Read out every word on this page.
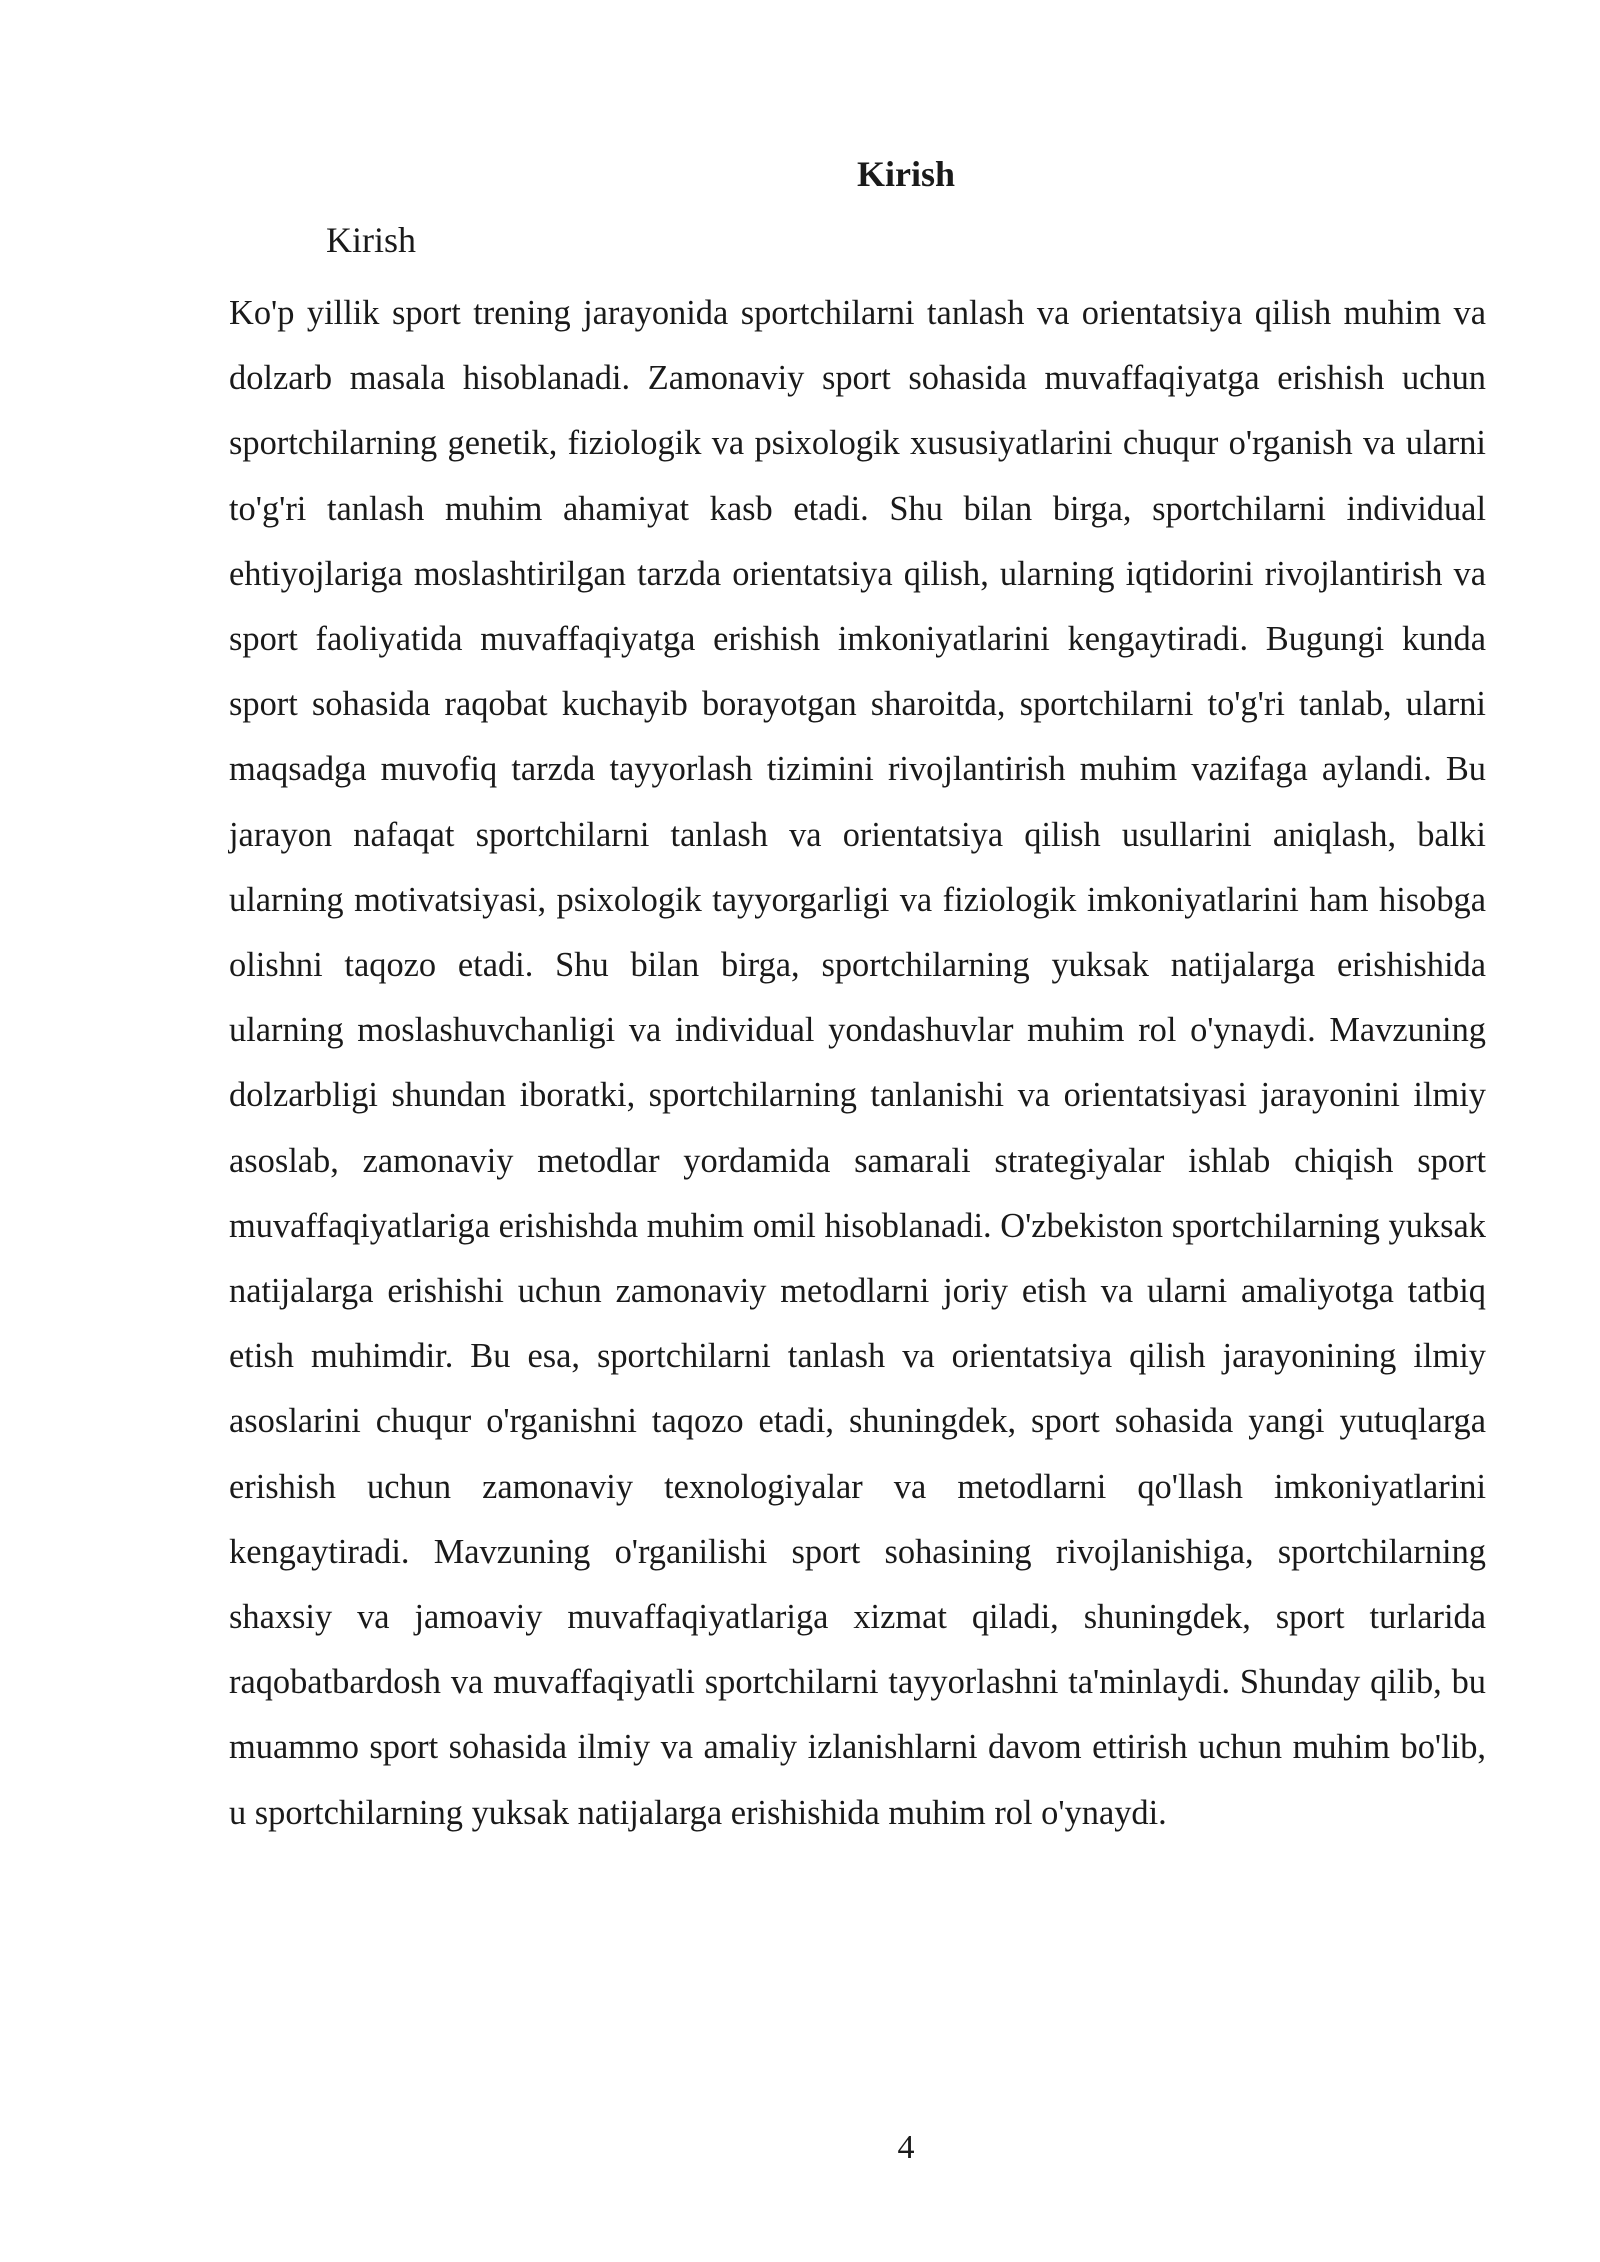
Kirish
Kirish

Ko'p yillik sport trening jarayonida sportchilarni tanlash va orientatsiya qilish muhim va dolzarb masala hisoblanadi. Zamonaviy sport sohasida muvaffaqiyatga erishish uchun sportchilarning genetik, fiziologik va psixologik xususiyatlarini chuqur o'rganish va ularni to'g'ri tanlash muhim ahamiyat kasb etadi. Shu bilan birga, sportchilarni individual ehtiyojlariga moslashtirilgan tarzda orientatsiya qilish, ularning iqtidorini rivojlantirish va sport faoliyatida muvaffaqiyatga erishish imkoniyatlarini kengaytiradi. Bugungi kunda sport sohasida raqobat kuchayib borayotgan sharoitda, sportchilarni to'g'ri tanlab, ularni maqsadga muvofiq tarzda tayyorlash tizimini rivojlantirish muhim vazifaga aylandi. Bu jarayon nafaqat sportchilarni tanlash va orientatsiya qilish usullarini aniqlash, balki ularning motivatsiyasi, psixologik tayyorgarligi va fiziologik imkoniyatlarini ham hisobga olishni taqozo etadi. Shu bilan birga, sportchilarning yuksak natijalarga erishishida ularning moslashuvchanligi va individual yondashuvlar muhim rol o'ynaydi. Mavzuning dolzarbligi shundan iboratki, sportchilarning tanlanishi va orientatsiyasi jarayonini ilmiy asoslab, zamonaviy metodlar yordamida samarali strategiyalar ishlab chiqish sport muvaffaqiyatlariga erishishda muhim omil hisoblanadi. O'zbekiston sportchilarning yuksak natijalarga erishishi uchun zamonaviy metodlarni joriy etish va ularni amaliyotga tatbiq etish muhimdir. Bu esa, sportchilarni tanlash va orientatsiya qilish jarayonining ilmiy asoslarini chuqur o'rganishni taqozo etadi, shuningdek, sport sohasida yangi yutuqlarga erishish uchun zamonaviy texnologiyalar va metodlarni qo'llash imkoniyatlarini kengaytiradi. Mavzuning o'rganilishi sport sohasining rivojlanishiga, sportchilarning shaxsiy va jamoaviy muvaffaqiyatlariga xizmat qiladi, shuningdek, sport turlarida raqobatbardosh va muvaffaqiyatli sportchilarni tayyorlashni ta'minlaydi. Shunday qilib, bu muammo sport sohasida ilmiy va amaliy izlanishlarni davom ettirish uchun muhim bo'lib, u sportchilarning yuksak natijalarga erishishida muhim rol o'ynaydi.

4
